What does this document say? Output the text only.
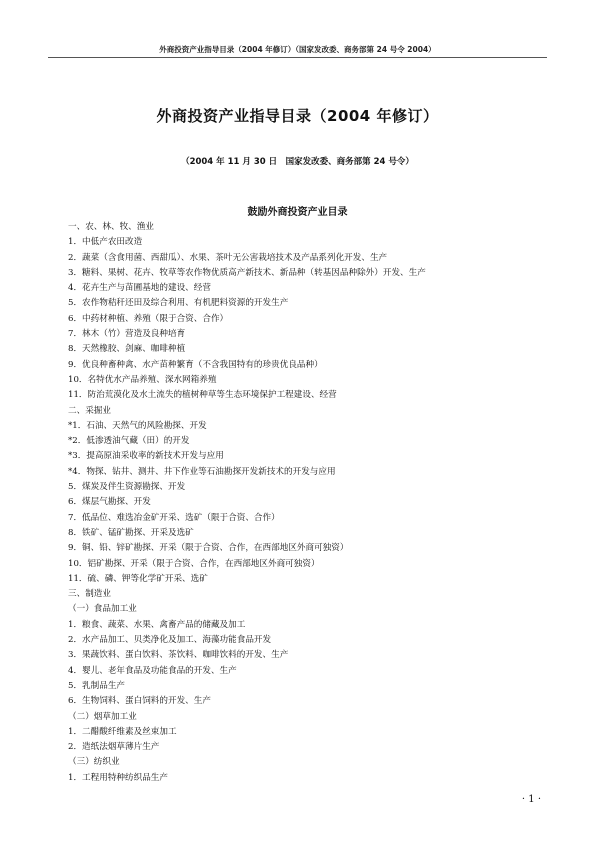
外商投资产业指导目录（2004 年修订）（国家发改委、商务部第 24 号令 2004）
外商投资产业指导目录（2004 年修订）
（2004 年 11 月 30 日　国家发改委、商务部第 24 号令）
鼓励外商投资产业目录
一、农、林、牧、渔业
1．中低产农田改造
2．蔬菜（含食用菌、西甜瓜）、水果、茶叶无公害栽培技术及产品系列化开发、生产
3．糖料、果树、花卉、牧草等农作物优质高产新技术、新品种（转基因品种除外）开发、生产
4．花卉生产与苗圃基地的建设、经营
5．农作物秸秆还田及综合利用、有机肥料资源的开发生产
6．中药材种植、养殖（限于合资、合作）
7．林木（竹）营造及良种培育
8．天然橡胶、剑麻、咖啡种植
9．优良种畜种禽、水产苗种繁育（不含我国特有的珍贵优良品种）
10．名特优水产品养殖、深水网箱养殖
11．防治荒漠化及水土流失的植树种草等生态环境保护工程建设、经营
二、采掘业
*1．石油、天然气的风险勘探、开发
*2．低渗透油气藏（田）的开发
*3．提高原油采收率的新技术开发与应用
*4．物探、钻井、测井、井下作业等石油勘探开发新技术的开发与应用
5．煤炭及伴生资源勘探、开发
6．煤层气勘探、开发
7．低品位、难选冶金矿开采、选矿（限于合资、合作）
8．铁矿、锰矿勘探、开采及选矿
9．铜、铅、锌矿勘探、开采（限于合资、合作，在西部地区外商可独资）
10．铝矿勘探、开采（限于合资、合作，在西部地区外商可独资）
11．硫、磷、钾等化学矿开采、选矿
三、制造业
（一）食品加工业
1．粮食、蔬菜、水果、禽畜产品的储藏及加工
2．水产品加工、贝类净化及加工、海藻功能食品开发
3．果蔬饮料、蛋白饮料、茶饮料、咖啡饮料的开发、生产
4．婴儿、老年食品及功能食品的开发、生产
5．乳制品生产
6．生物饲料、蛋白饲料的开发、生产
（二）烟草加工业
1．二醋酸纤维素及丝束加工
2．造纸法烟草薄片生产
（三）纺织业
1．工程用特种纺织品生产
· 1 ·
